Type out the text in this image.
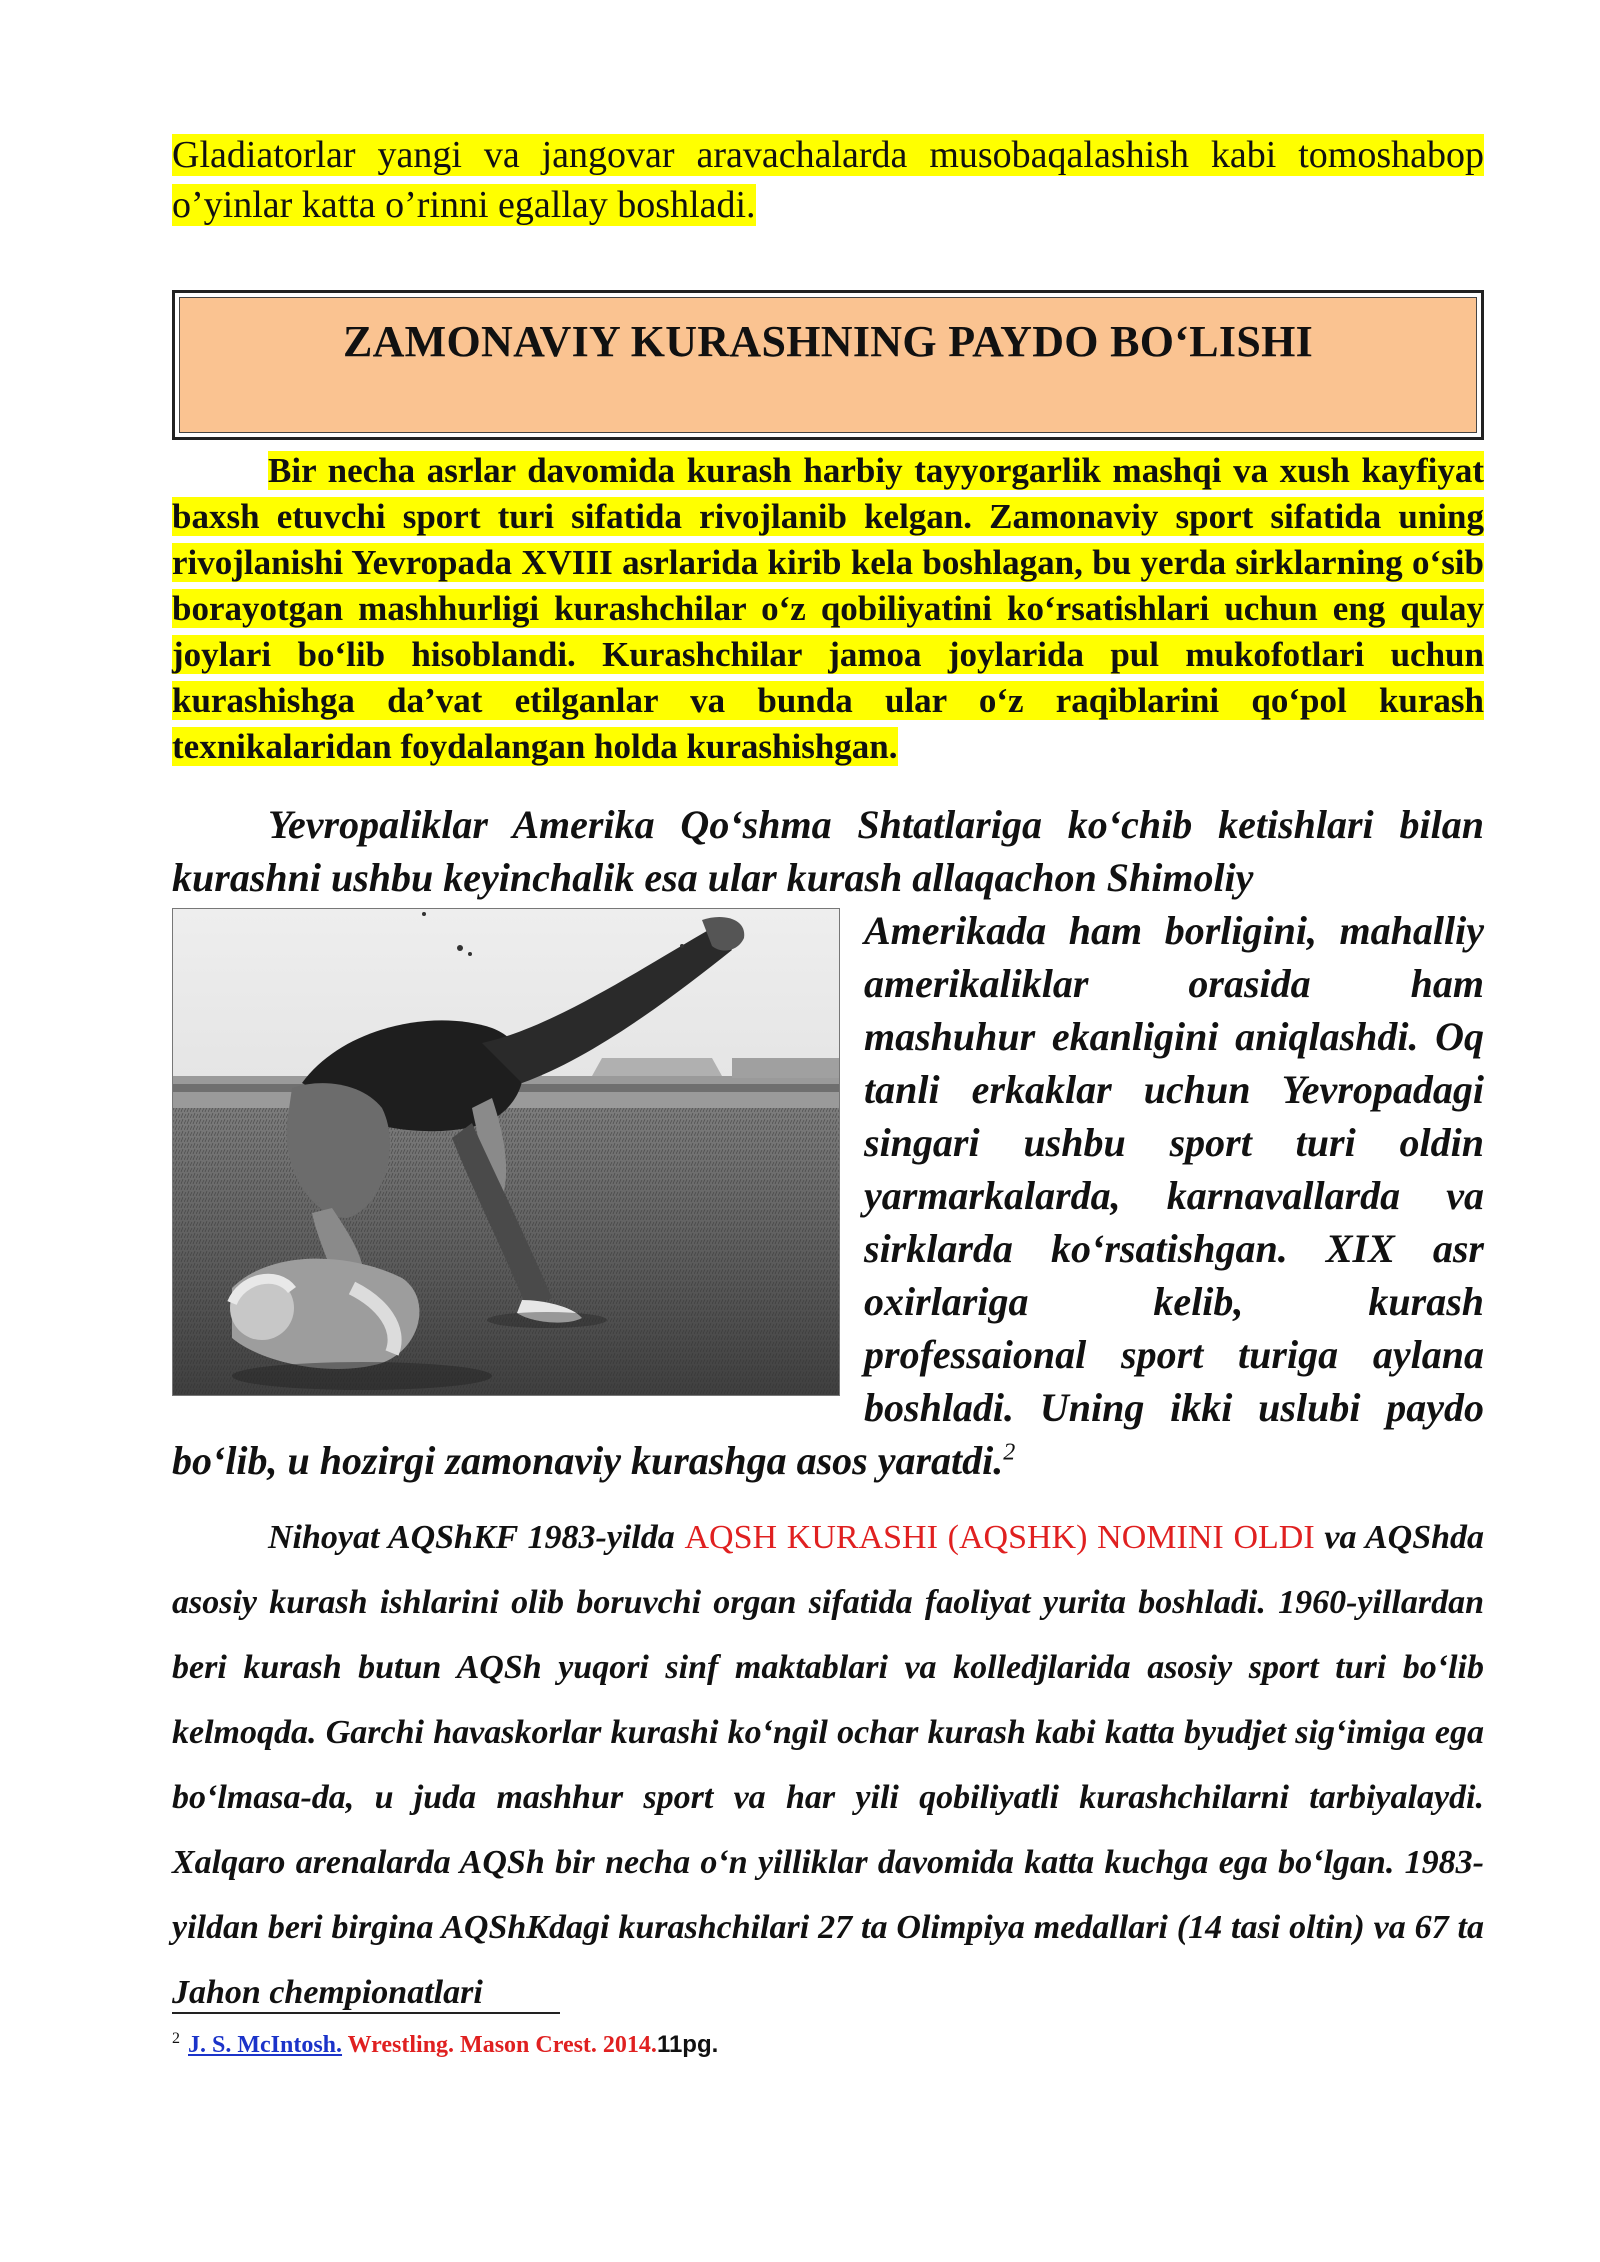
Gladiatorlar yangi va jangovar aravachalarda musobaqalashish kabi tomoshabop o’yinlar katta o’rinni egallay boshladi.

ZAMONAVIY KURASHNING PAYDO BO‘LISHI

Bir necha asrlar davomida kurash harbiy tayyorgarlik mashqi va xush kayfiyat baxsh etuvchi sport turi sifatida rivojlanib kelgan. Zamonaviy sport sifatida uning rivojlanishi Yevropada XVIII asrlarida kirib kela boshlagan, bu yerda sirklarning o‘sib borayotgan mashhurligi kurashchilar o‘z qobiliyatini ko‘rsatishlari uchun eng qulay joylari bo‘lib hisoblandi. Kurashchilar jamoa joylarida pul mukofotlari uchun kurashishga da’vat etilganlar va bunda ular o‘z raqiblarini qo‘pol kurash texnikalaridan foydalangan holda kurashishgan.

Yevropaliklar Amerika Qo‘shma Shtatlariga ko‘chib ketishlari bilan kurashni ushbu keyinchalik esa ular kurash allaqachon Shimoliy

Amerikada ham borligini, mahalliy amerikaliklar orasida ham mashuhur ekanligini aniqlashdi. Oq tanli erkaklar uchun Yevropadagi singari ushbu sport turi oldin yarmarkalarda, karnavallarda va sirklarda ko‘rsatishgan. XIX asr oxirlariga kelib, kurash professaional sport turiga aylana boshladi. Uning ikki uslubi paydo bo‘lib, u hozirgi zamonaviy kurashga asos yaratdi.$^2$

Nihoyat AQShKF 1983-yilda AQSH KURASHI (AQSHK) NOMINI OLDI va AQShda asosiy kurash ishlarini olib boruvchi organ sifatida faoliyat yurita boshladi. 1960-yillardan beri kurash butun AQSh yuqori sinf maktablari va kolledjlarida asosiy sport turi bo‘lib kelmoqda. Garchi havaskorlar kurashi ko‘ngil ochar kurash kabi katta byudjet sig‘imiga ega bo‘lmasa-da, u juda mashhur sport va har yili qobiliyatli kurashchilarni tarbiyalaydi. Xalqaro arenalarda AQSh bir necha o‘n yilliklar davomida katta kuchga ega bo‘lgan. 1983-yildan beri birgina AQShKdagi kurashchilari 27 ta Olimpiya medallari (14 tasi oltin) va 67 ta Jahon chempionatlari

$^2$ J. S. McIntosh. Wrestling. Mason Crest. 2014.11pg.
